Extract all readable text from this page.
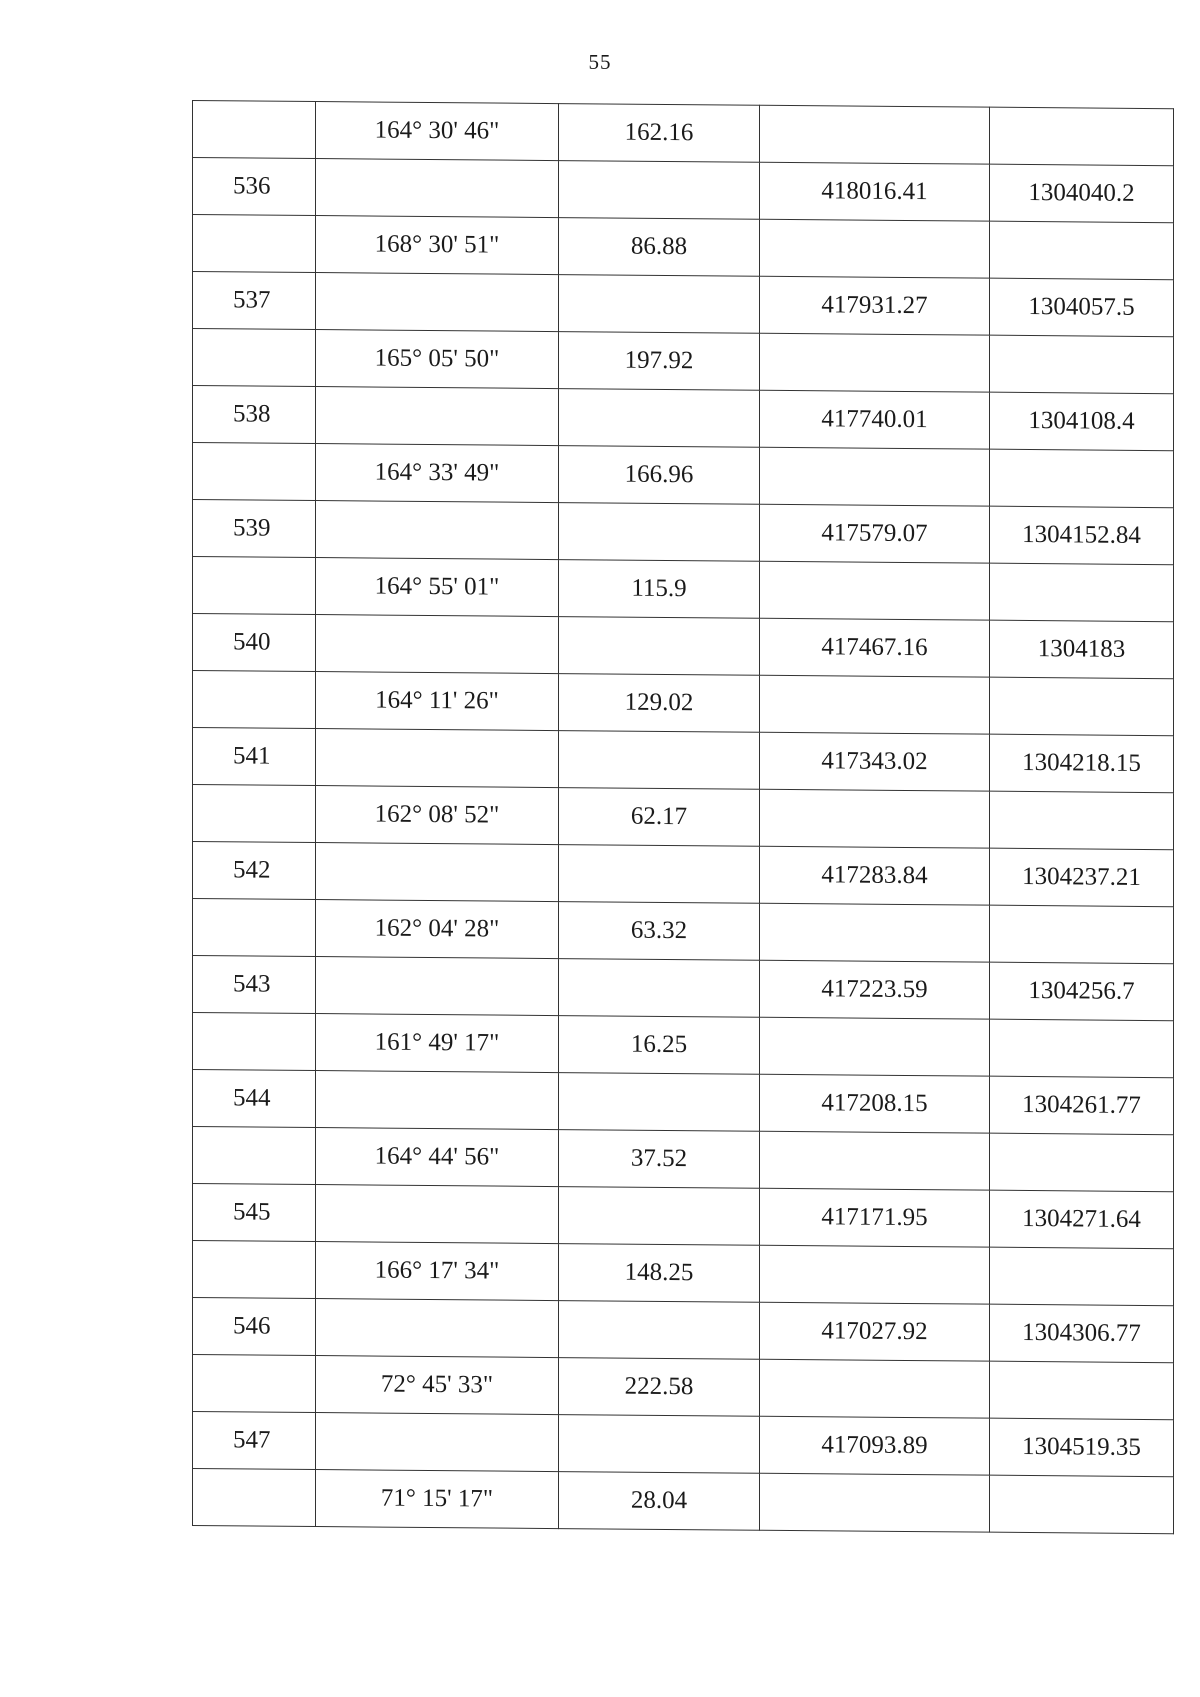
55
	164° 30' 46"	162.16		
536			418016.41	1304040.2
	168° 30' 51"	86.88		
537			417931.27	1304057.5
	165° 05' 50"	197.92		
538			417740.01	1304108.4
	164° 33' 49"	166.96		
539			417579.07	1304152.84
	164° 55' 01"	115.9		
540			417467.16	1304183
	164° 11' 26"	129.02		
541			417343.02	1304218.15
	162° 08' 52"	62.17		
542			417283.84	1304237.21
	162° 04' 28"	63.32		
543			417223.59	1304256.7
	161° 49' 17"	16.25		
544			417208.15	1304261.77
	164° 44' 56"	37.52		
545			417171.95	1304271.64
	166° 17' 34"	148.25		
546			417027.92	1304306.77
	72° 45' 33"	222.58		
547			417093.89	1304519.35
	71° 15' 17"	28.04		
